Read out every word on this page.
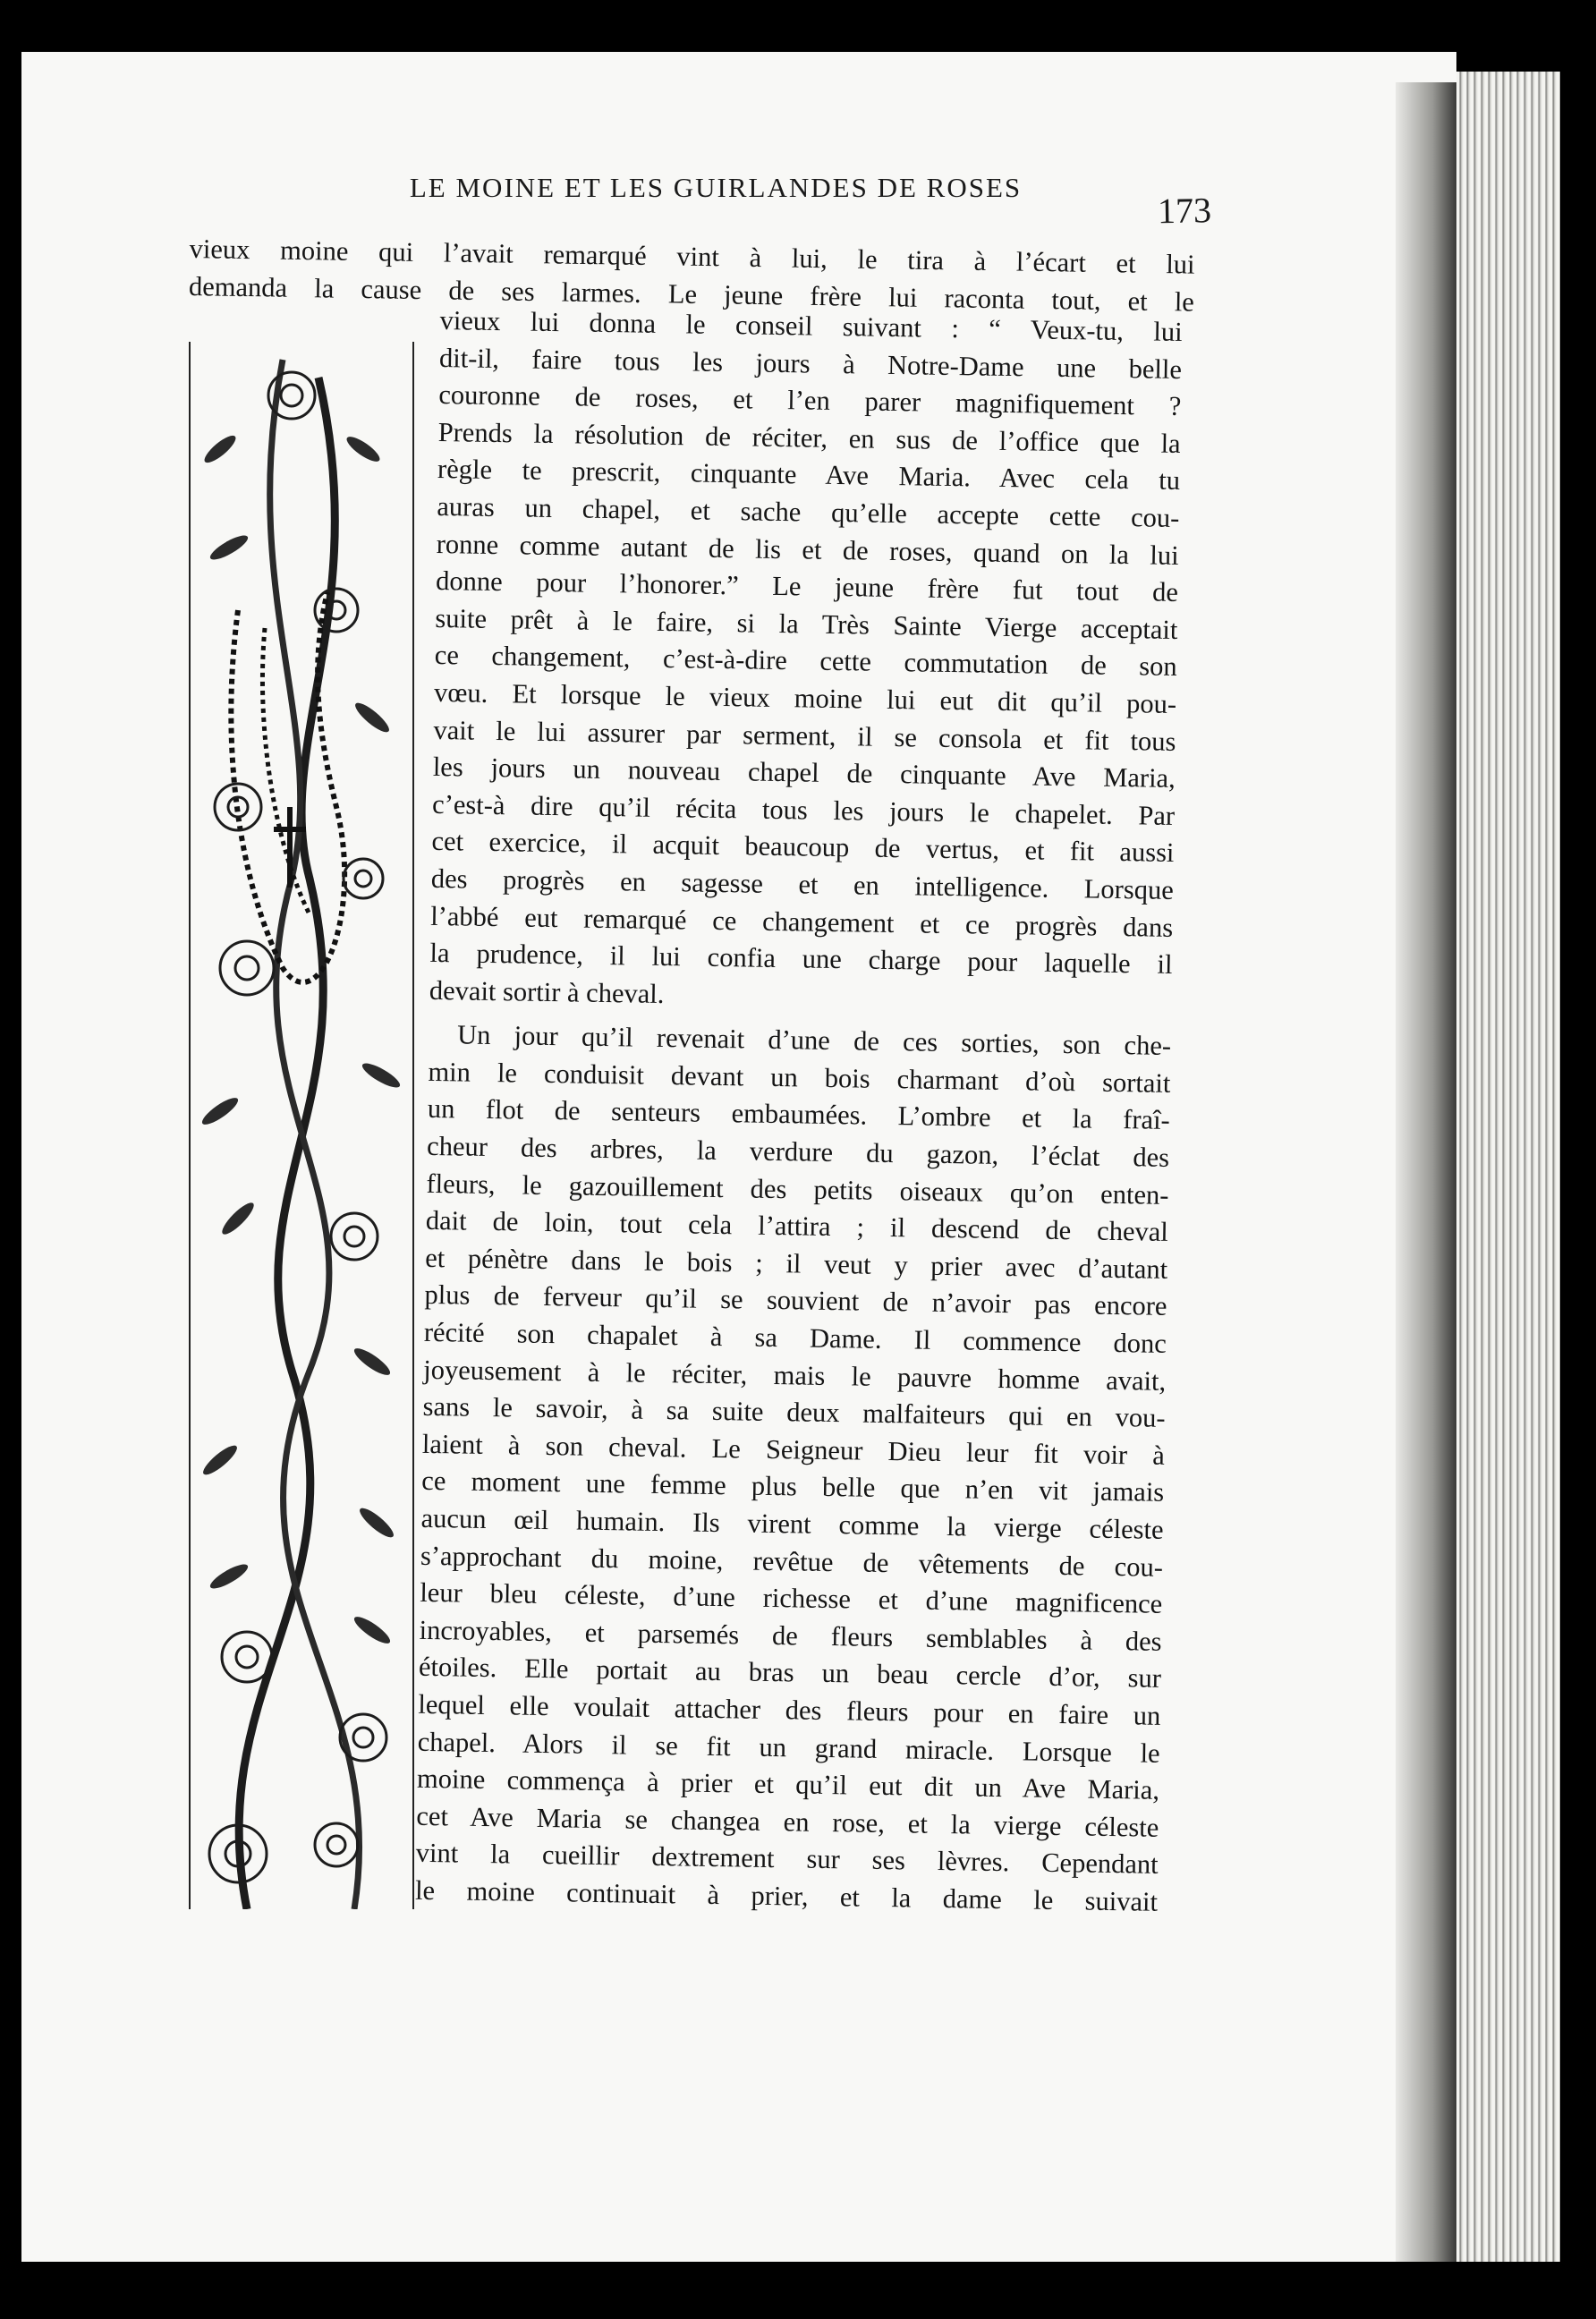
LE MOINE ET LES GUIRLANDES DE ROSES
173
vieux moine qui l’avait remarqué vint à lui, le tira à l’écart et lui
demanda la cause de ses larmes. Le jeune frère lui raconta tout, et le
vieux lui donna le conseil suivant : “ Veux-tu, lui
dit-il, faire tous les jours à Notre-Dame une belle
couronne de roses, et l’en parer magnifiquement ?
Prends la résolution de réciter, en sus de l’office que la
règle te prescrit, cinquante Ave Maria. Avec cela tu
auras un chapel, et sache qu’elle accepte cette cou-
ronne comme autant de lis et de roses, quand on la lui
donne pour l’honorer.” Le jeune frère fut tout de
suite prêt à le faire, si la Très Sainte Vierge acceptait
ce changement, c’est-à-dire cette commutation de son
vœu. Et lorsque le vieux moine lui eut dit qu’il pou-
vait le lui assurer par serment, il se consola et fit tous
les jours un nouveau chapel de cinquante Ave Maria,
c’est-à dire qu’il récita tous les jours le chapelet. Par
cet exercice, il acquit beaucoup de vertus, et fit aussi
des progrès en sagesse et en intelligence. Lorsque
l’abbé eut remarqué ce changement et ce progrès dans
la prudence, il lui confia une charge pour laquelle il
devait sortir à cheval.
Un jour qu’il revenait d’une de ces sorties, son che-
min le conduisit devant un bois charmant d’où sortait
un flot de senteurs embaumées. L’ombre et la fraî-
cheur des arbres, la verdure du gazon, l’éclat des
fleurs, le gazouillement des petits oiseaux qu’on enten-
dait de loin, tout cela l’attira ; il descend de cheval
et pénètre dans le bois ; il veut y prier avec d’autant
plus de ferveur qu’il se souvient de n’avoir pas encore
récité son chapalet à sa Dame. Il commence donc
joyeusement à le réciter, mais le pauvre homme avait,
sans le savoir, à sa suite deux malfaiteurs qui en vou-
laient à son cheval. Le Seigneur Dieu leur fit voir à
ce moment une femme plus belle que n’en vit jamais
aucun œil humain. Ils virent comme la vierge céleste
s’approchant du moine, revêtue de vêtements de cou-
leur bleu céleste, d’une richesse et d’une magnificence
incroyables, et parsemés de fleurs semblables à des
étoiles. Elle portait au bras un beau cercle d’or, sur
lequel elle voulait attacher des fleurs pour en faire un
chapel. Alors il se fit un grand miracle. Lorsque le
moine commença à prier et qu’il eut dit un Ave Maria,
cet Ave Maria se changea en rose, et la vierge céleste
vint la cueillir dextrement sur ses lèvres. Cependant
le moine continuait à prier, et la dame le suivait
